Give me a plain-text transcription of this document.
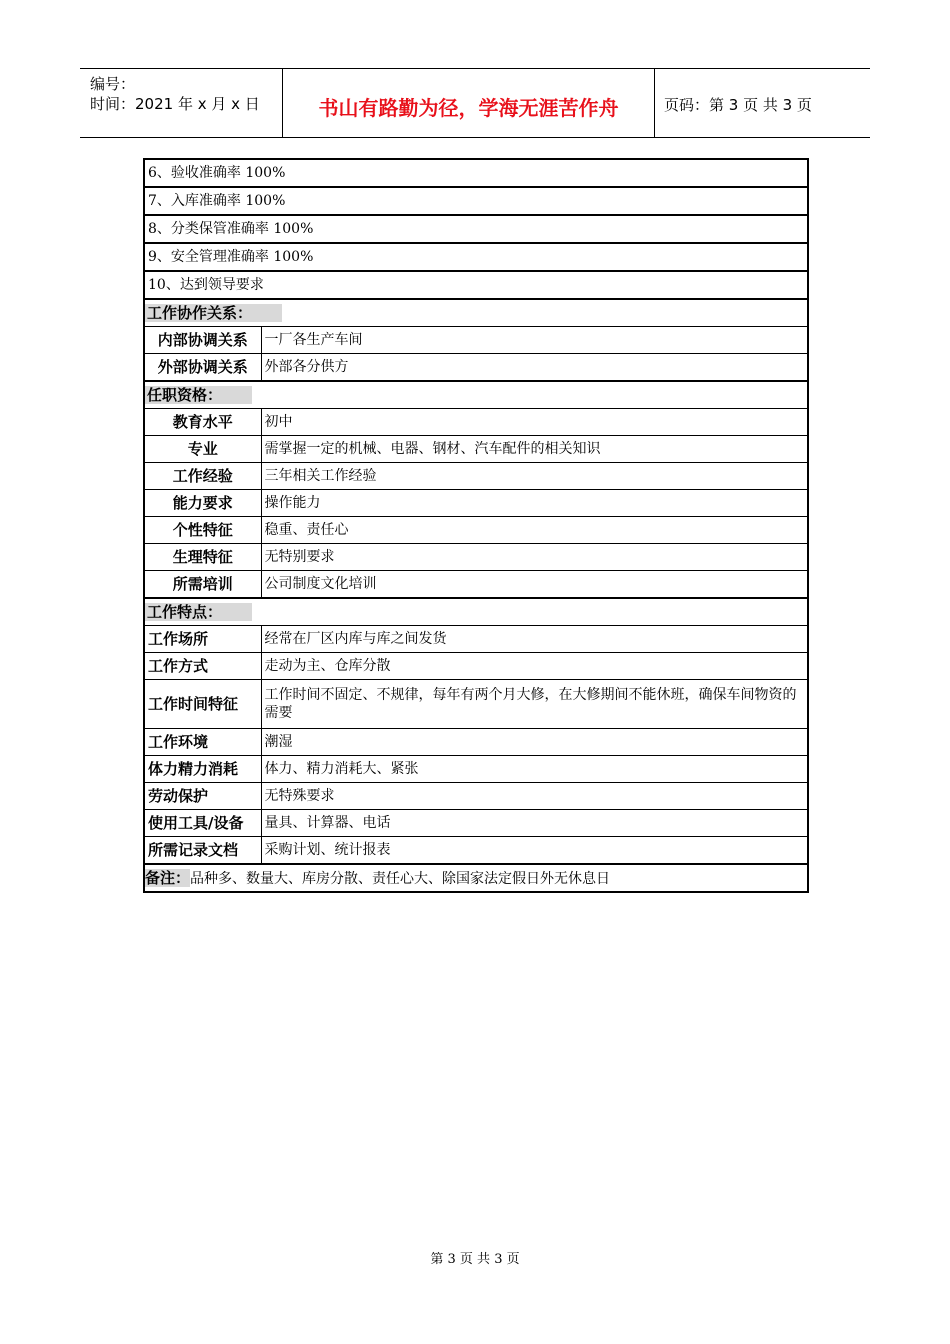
编号：
时间：2021 年 x 月 x 日	书山有路勤为径，学海无涯苦作舟	页码：第 3 页 共 3 页
6、验收准确率 100%	
7、入库准确率 100%	
8、分类保管准确率 100%	
9、安全管理准确率 100%	
10、达到领导要求	
工作协作关系：	
内部协调关系	一厂各生产车间
外部协调关系	外部各分供方
任职资格：	
教育水平	初中
专业	需掌握一定的机械、电器、钢材、汽车配件的相关知识
工作经验	三年相关工作经验
能力要求	操作能力
个性特征	稳重、责任心
生理特征	无特别要求
所需培训	公司制度文化培训
工作特点：	
工作场所	经常在厂区内库与库之间发货
工作方式	走动为主、仓库分散
工作时间特征	工作时间不固定、不规律，每年有两个月大修，在大修期间不能休班，确保车间物资的需要
工作环境	潮湿
体力精力消耗	体力、精力消耗大、紧张
劳动保护	无特殊要求
使用工具/设备	量具、计算器、电话
所需记录文档	采购计划、统计报表
备注：品种多、数量大、库房分散、责任心大、除国家法定假日外无休息日	
第 3 页 共 3 页
